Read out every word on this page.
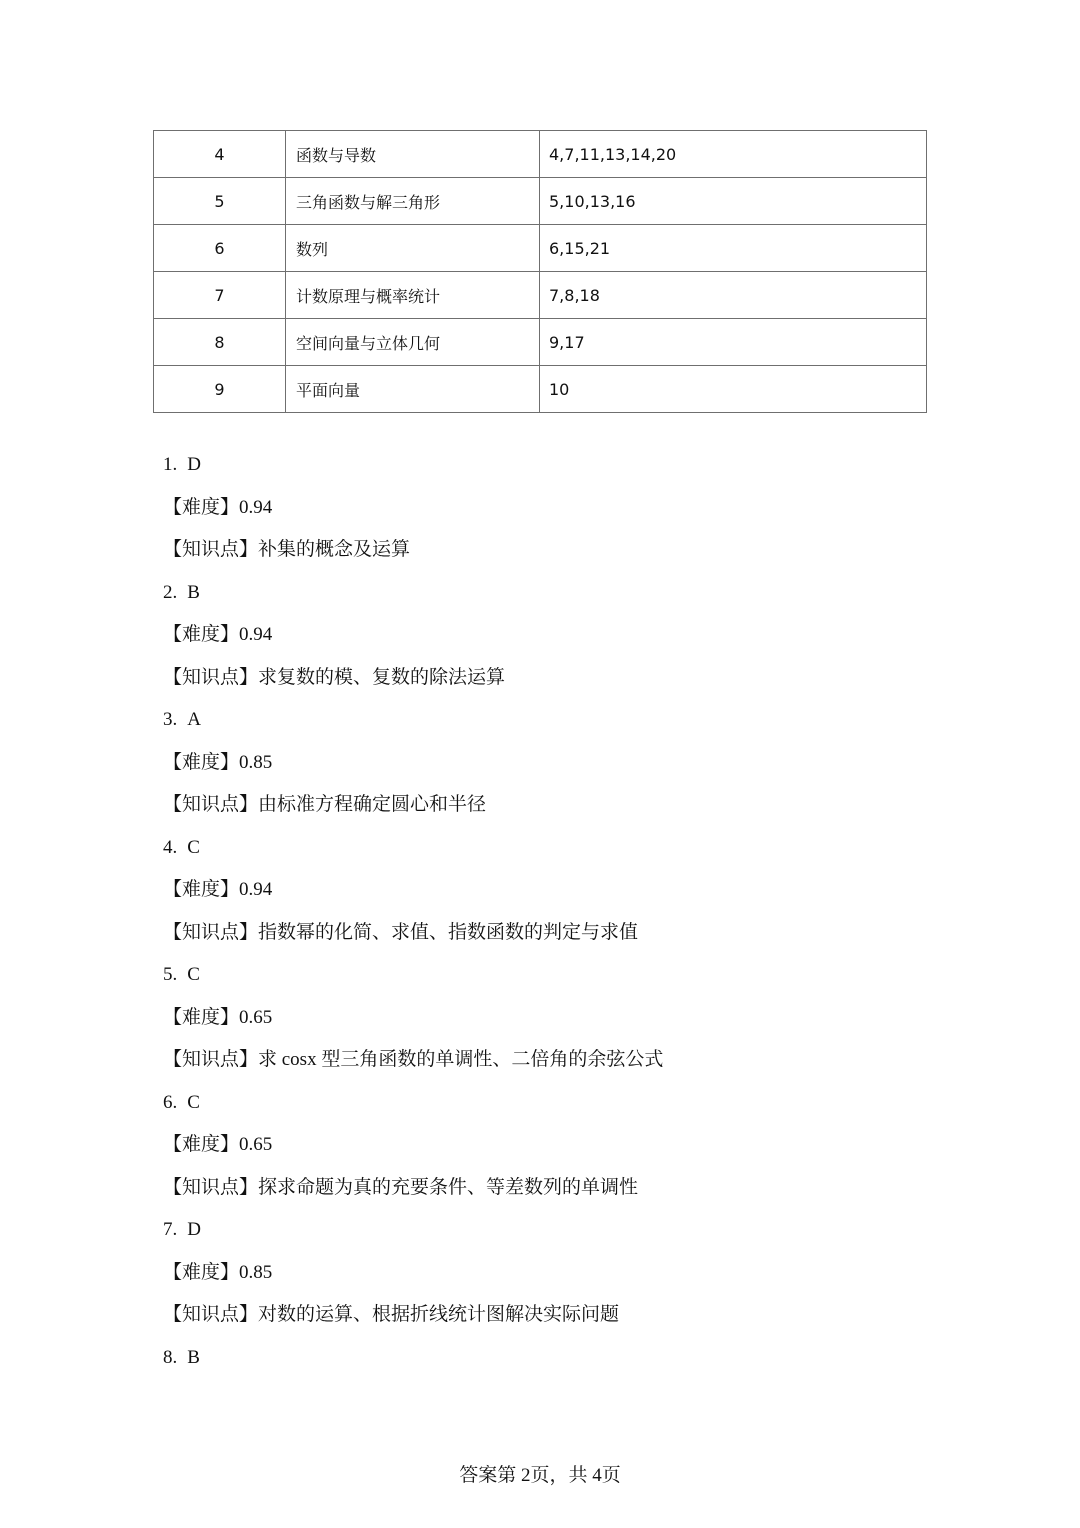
4	函数与导数	4,7,11,13,14,20
5	三角函数与解三角形	5,10,13,16
6	数列	6,15,21
7	计数原理与概率统计	7,8,18
8	空间向量与立体几何	9,17
9	平面向量	10
1. D
【难度】0.94
【知识点】补集的概念及运算
2. B
【难度】0.94
【知识点】求复数的模、复数的除法运算
3. A
【难度】0.85
【知识点】由标准方程确定圆心和半径
4. C
【难度】0.94
【知识点】指数幂的化简、求值、指数函数的判定与求值
5. C
【难度】0.65
【知识点】求 cosx 型三角函数的单调性、二倍角的余弦公式
6. C
【难度】0.65
【知识点】探求命题为真的充要条件、等差数列的单调性
7. D
【难度】0.85
【知识点】对数的运算、根据折线统计图解决实际问题
8. B
答案第 2页，共 4页
